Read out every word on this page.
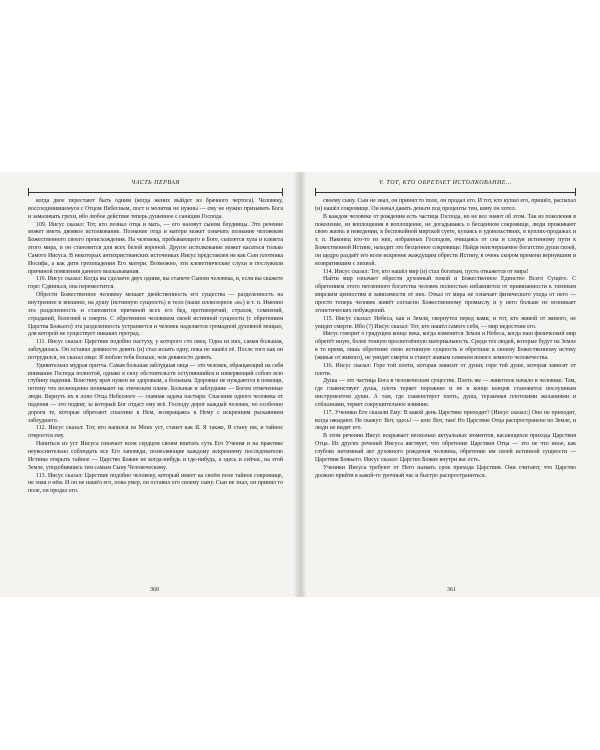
ЧАСТЬ ПЕРВАЯ

когда двое перестают быть одним (когда жених выйдет из брачного чертога). Человеку, воссоединившемуся с Отцом Небесным, пост и молитва не нужны — ему не нужно призывать Бога и замаливать грехи, ибо любое действие теперь душевное с санкции Господа.

109. Иисус сказал: Тот, кто познал отца и мать, — его назовут сыном блудницы. Это речение может иметь двоякое истолкование. Познание отца и матери может означать познание человеком Божественного своего происхождения. На человека, пребывающего в Боге, сыплется хула и клевета этого мира, и он становится для всех белой вороной. Другое истолкование может касаться только Самого Иисуса. В некоторых антихристианских источниках Иисус представлен не как Сын плотника Иосифа, а как дитя грехопадения Его матери. Возможно, эти клеветнические слухи и послужили причиной появления данного высказывания.

110. Иисус сказал: Когда вы сделаете двух одним, вы станете Сыном человека, и, если вы скажете горе: Сдвинься, она переместится.

Обрести Божественное человеку мешает двойственность его существа — разделенность на внутреннее и внешнее, на душу (истинную сущность) и тело (наше иллюзорное «я») и т. п. Именно эта разделенность и становится причиной всех его бед, противоречий, страхов, сомнений, страданий, болезней и смерти. С обретением человеком своей истинной сущности (с обретением Царства Божьего) эта разделенность устраняется и человек наделяется громадной духовной мощью, для которой не существует никаких преград.

111. Иисус сказал: Царствие подобно пастуху, у которого сто овец. Одна из них, самая большая, заблудилась. Он оставил девяносто девять (и) стал искать одну, пока не нашёл её. После того как он потрудился, он сказал овце: Я люблю тебя больше, чем девяносто девять.

Удивительно мудрая притча. Самая большая заблудшая овца — это человек, обращающий на себя внимание Господа полнотой, однако в силу обстоятельств оступившийся и измеряющий собою всю глубину падения. Воистину врач нужен не здоровым, а больным. Здоровые не нуждаются в помощи, потому что полноценно понимают на этическом плане. Больные и заблудшие — Богом отмеченные люди. Вернуть их в лоно Отца Небесного — главная задача пастыря. Спасение одного человека от падения — это подвиг, за который Бог отдаст ему всё. Господу дорог каждый человек, но особенно дороги те, которые обретают спасение в Нем, возвращаясь к Нему с искренним раскаянием заблудшего.

112. Иисус сказал: Тот, кто напился из Моих уст, станет как Я. Я также, Я стану им, и тайное откроется ему.

Напиться из уст Иисуса означает всем сердцем своим впитать суть Его Учения и на практике неукоснительно соблюдать все Его заповеди, позволяющие каждому искреннему последователю Истины открыть тайное — Царство Божие не когда-нибудь и где-нибудь, а здесь и сейчас, на этой Земле, уподобившись тем самым Сыну Человеческому.

113. Иисус сказал: Царствие подобно человеку, который имеет на своём поле тайное сокровище, не зная о нём. И он не нашёл его, пока умер, он оставил его своему сыну. Сын не знал, он принял то поле, он продал его.

360
V. ТОТ, КТО ОБРЕТАЕТ ИСТОЛКОВАНИЕ...

своему сыну. Сын не знал, он принял то поле, он продал его. И тот, кто купил его, пришёл, распахал (и) нашёл сокровище. Он начал давать деньги под проценты тем, кому он хотел.

В каждом человеке от рождения есть частица Господа, но не все знают об этом. Так из поколения в поколение, из воплощения в воплощение, не догадываясь о бесценном сокровище, люди проживают свою жизнь в неведении, в беспокойной мирской суете, купаясь в удовольствиях, в куплях-продажах и т. п. Наконец кто-то из них, избранных Господом, очищаясь от сна и следуя истинному пути к Божественной Истине, находит это бесценное сокровище. Найдя неисчерпаемое богатство души своей, он щедро раздаёт его всем искренне жаждущим обрести Истину, в очень скором времени вернувшим и возвратившим с лихвой.

114. Иисус сказал: Тот, кто нашёл мир (и) стал богатым, пусть откажется от мира!

Найти мир означает обрести духовный покой и Божественное Единство Всего Сущего. С обретением этого нетленного богатства человек полностью избавляется от привязанности к тленным мирским ценностям и зависимости от них. Отказ от мира не означает физического ухода от него — просто теперь человек живёт согласно Божественному промыслу и у него больше не возникает эгоистических побуждений.

115. Иисус сказал: Небеса, как и Земля, свернутся перед вами, и тот, кто живой от живого, не увидит смерти. Ибо (?) Иисус сказал: Тот, кто нашёл самого себя, — мир недостоин его.

Иисус говорит о грядущем конце века, когда изменится Земля и Небеса, когда наш физический мир обретёт иную, более тонкую просветлённую материальность. Среди тех людей, которые будут на Земле в то время, лишь обретение свою истинную сущность и обретшие к своему Божественному истоку (живые от живого), не увидят смерти и станут живым семенем нового земного человечества.

116. Иисус сказал: Горе той плоти, которая зависит от души; горе той душе, которая зависит от плоти.

Душа — это частица Бога в человеческом существе. Плоть же — животное начало в человеке. Там, где главенствует душа, плоть теряет порожнее и не в конце концов становится послушным инструментом души. А там, где главенствует плоть, душа, терзаемая плотскими желаниями и соблазнами, теряет сокрушительное влияние.

117. Ученики Его сказали Ему: В какой день Царствие приходит? (Иисус сказал:) Оно не приходит, когда ожидают. Не скажут: Вот, здесь! — или: Вот, там! Но Царствие Отца распространено по Земле, и люди не видят его.

В этом речении Иисус вскрывает несколько актуальных моментов, касающихся прихода Царствия Отца. Из других речений Иисуса явствует, что обретение Царствия Отца — это не что иное, как глубоко интимный акт духовного рождения человека, обретение им своей истинной сущности — Царствия Божьего. Иисус сказал: Царство Божие внутри вас есть.

Ученики Иисуса требуют от Него назвать срок прихода Царствия. Они считают, что Царство должно прийти в какой-то урочный час и быстро распространиться.

361
